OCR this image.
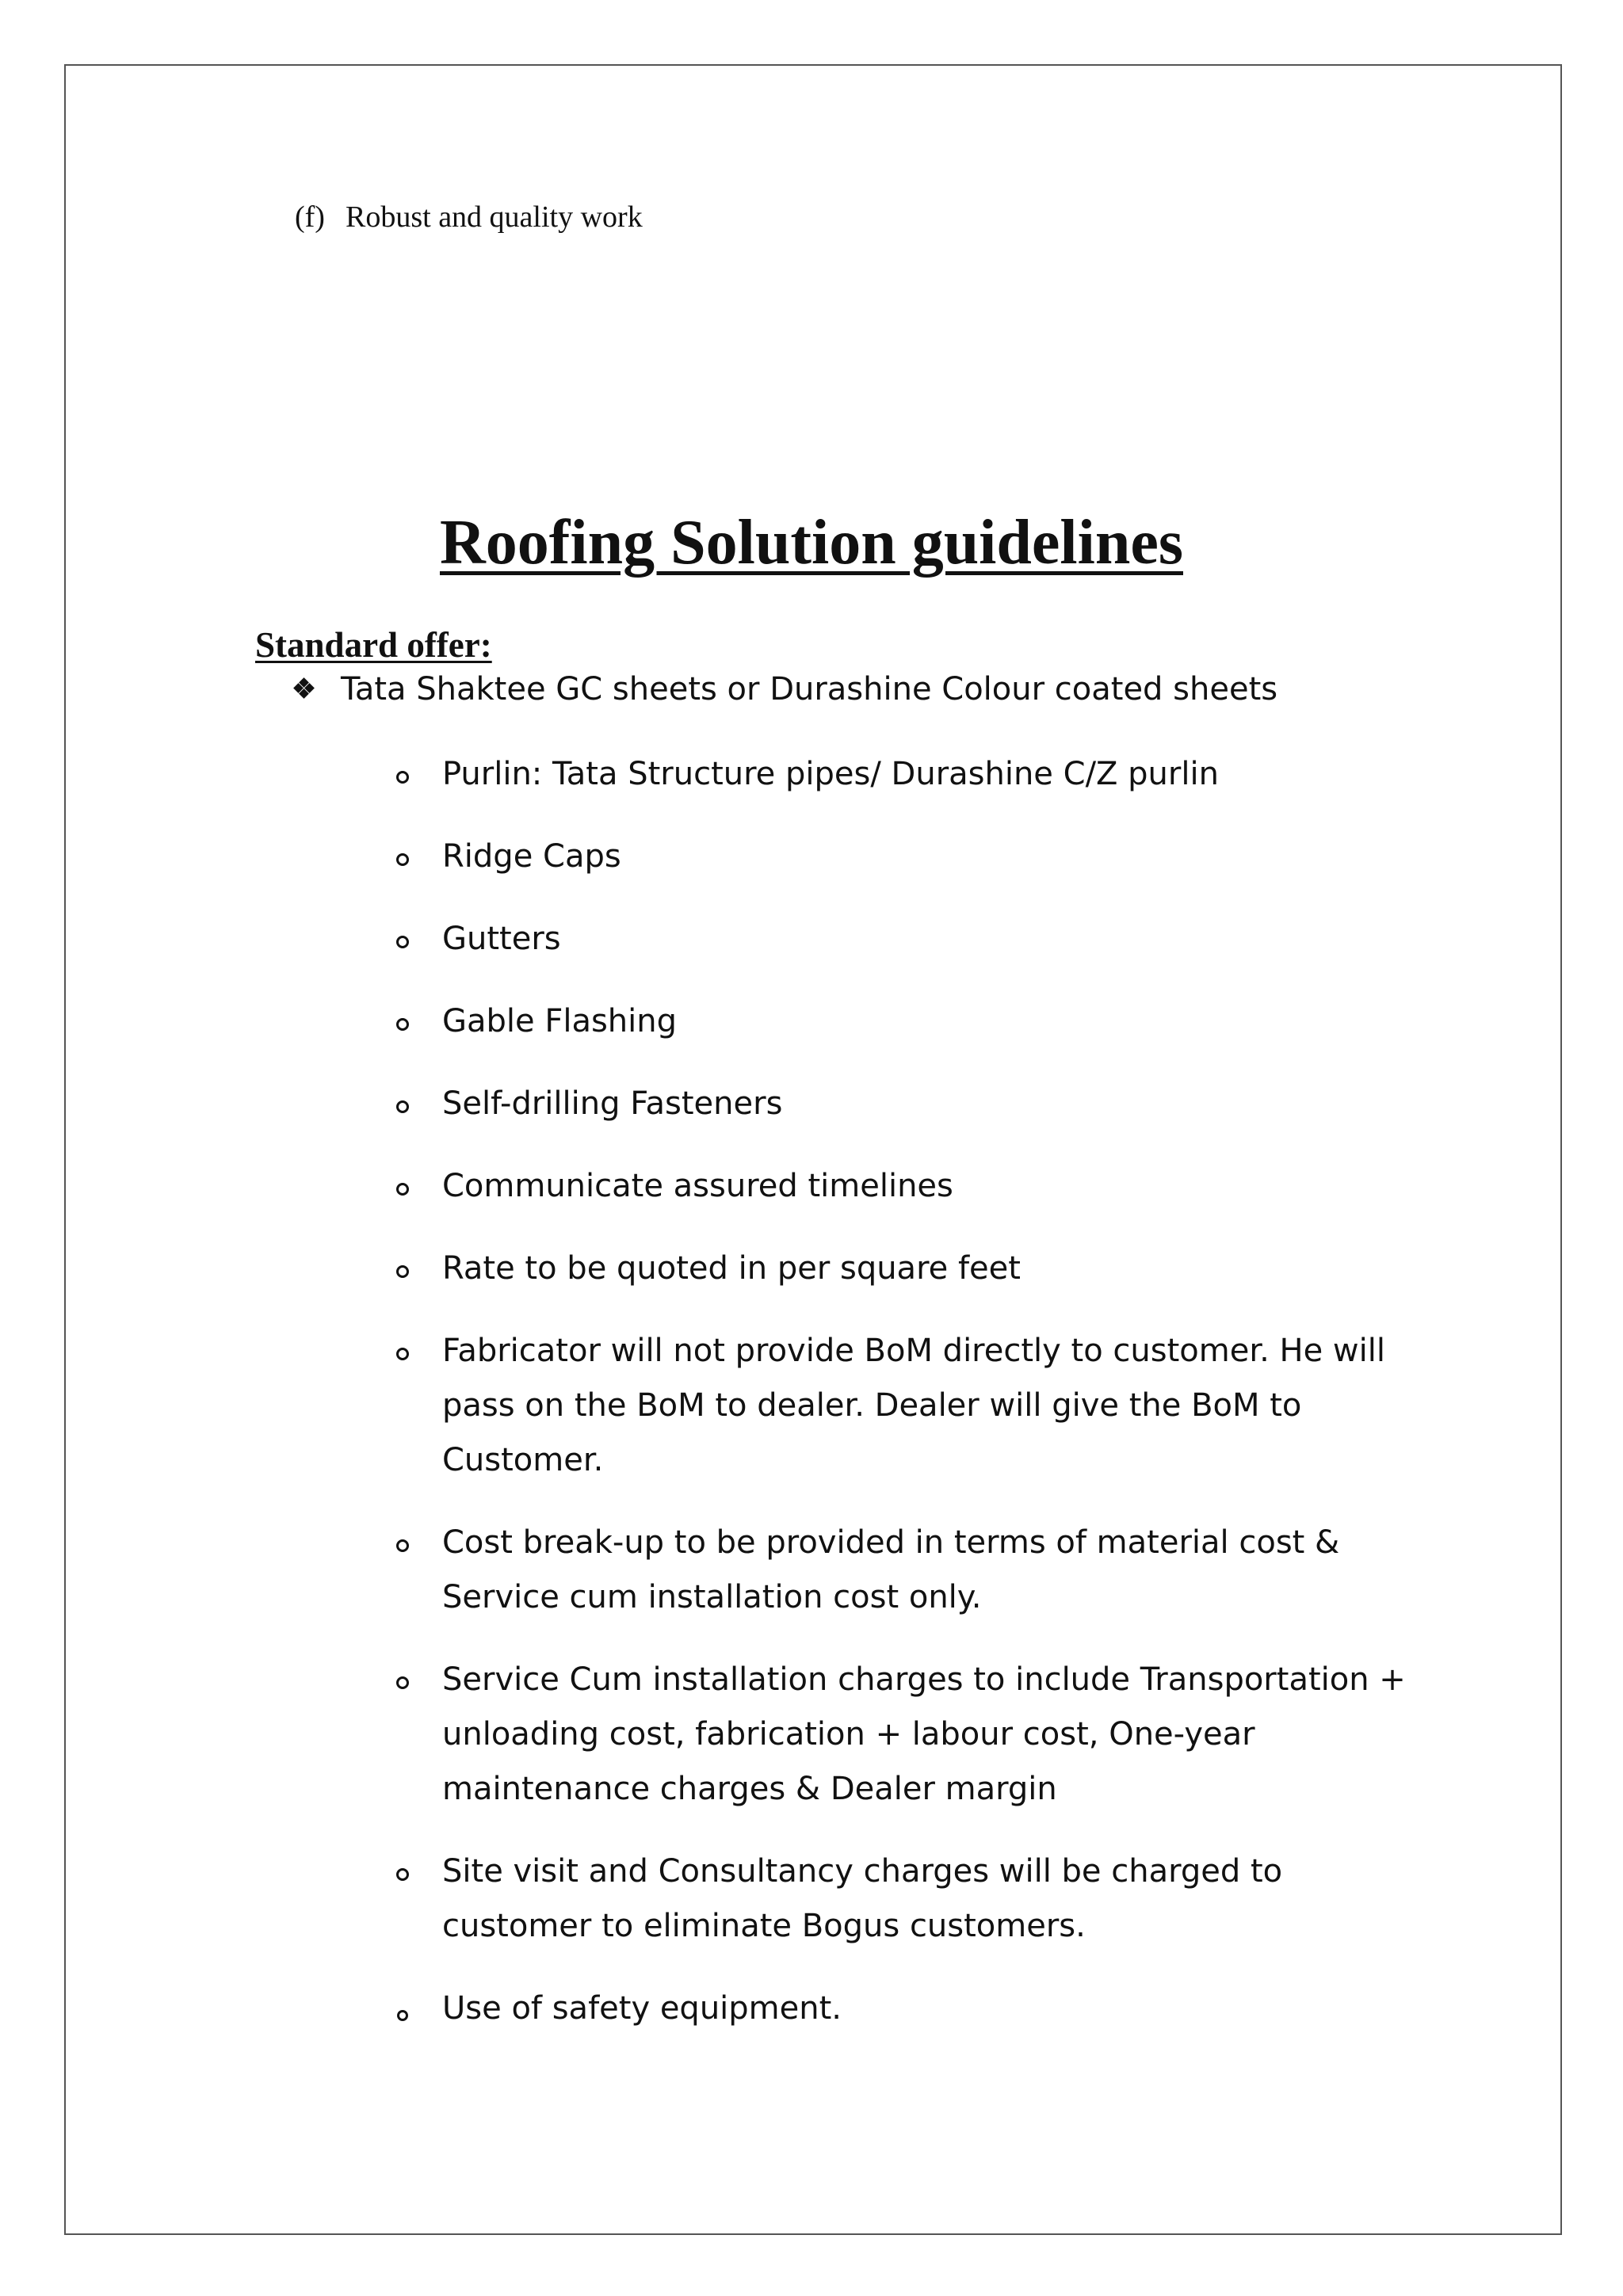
(f) Robust and quality work
Roofing Solution guidelines
Standard offer:
Tata Shaktee GC sheets or Durashine Colour coated sheets
Purlin: Tata Structure pipes/ Durashine C/Z purlin
Ridge Caps
Gutters
Gable Flashing
Self-drilling Fasteners
Communicate assured timelines
Rate to be quoted in per square feet
Fabricator will not provide BoM directly to customer. He will pass on the BoM to dealer. Dealer will give the BoM to Customer.
Cost break-up to be provided in terms of material cost & Service cum installation cost only.
Service Cum installation charges to include Transportation + unloading cost, fabrication + labour cost, One-year maintenance charges & Dealer margin
Site visit and Consultancy charges will be charged to customer to eliminate Bogus customers.
Use of safety equipment.
